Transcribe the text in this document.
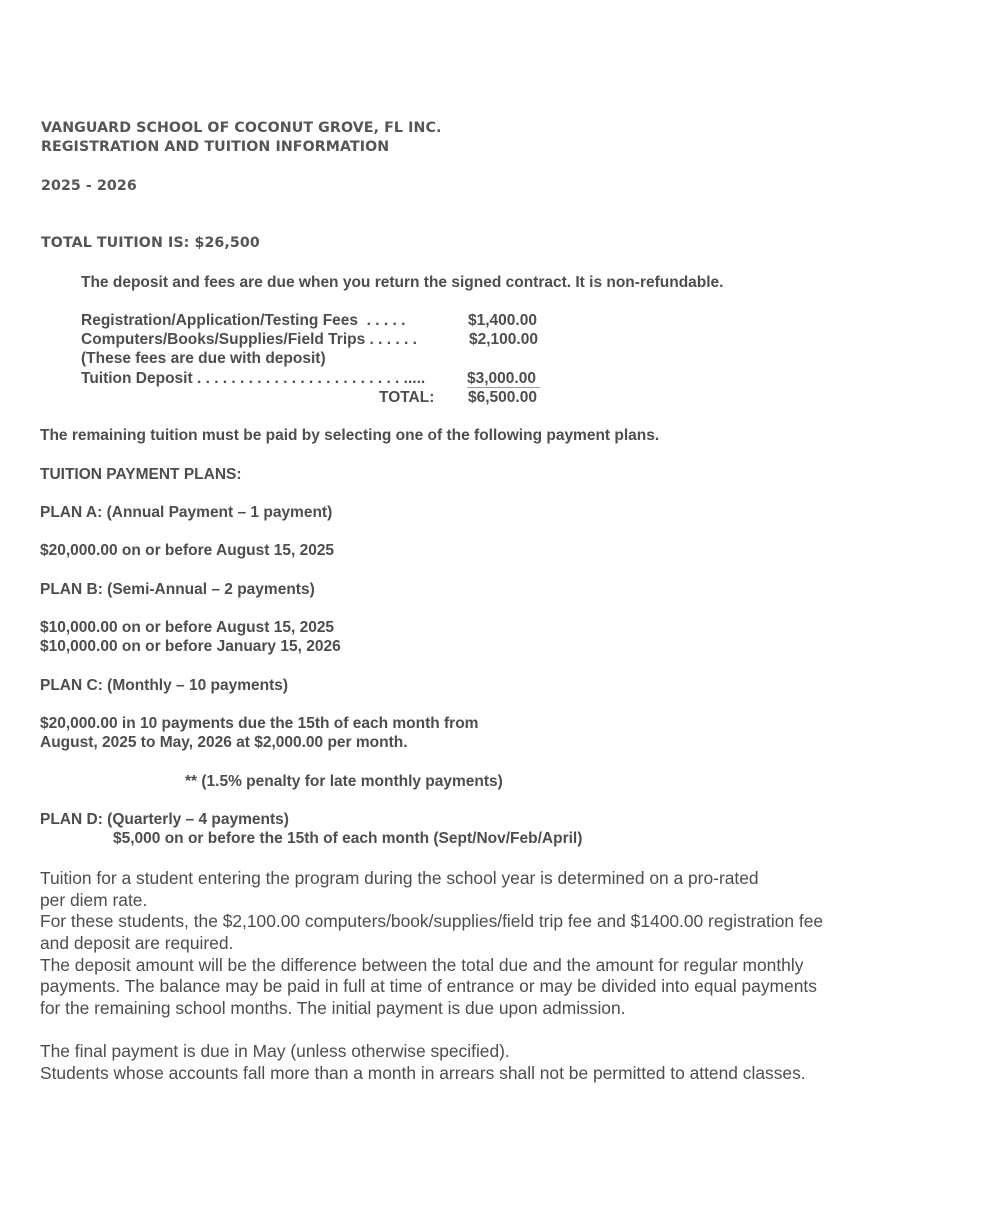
VANGUARD SCHOOL OF COCONUT GROVE, FL INC.
REGISTRATION AND TUITION INFORMATION
2025 - 2026
TOTAL TUITION IS: $26,500
The deposit and fees are due when you return the signed contract. It is non-refundable.
Registration/Application/Testing Fees  . . . . .	$1,400.00
Computers/Books/Supplies/Field Trips . . . . . .	$2,100.00
(These fees are due with deposit)
Tuition Deposit . . . . . . . . . . . . . . . . . . . . . . . . .....	$3,000.00
TOTAL: $6,500.00
The remaining tuition must be paid by selecting one of the following payment plans.
TUITION PAYMENT PLANS:
PLAN A: (Annual Payment – 1 payment)
$20,000.00 on or before August 15, 2025
PLAN B: (Semi-Annual – 2 payments)
$10,000.00 on or before August 15, 2025
$10,000.00 on or before January 15, 2026
PLAN C: (Monthly – 10 payments)
$20,000.00 in 10 payments due the 15th of each month from
August, 2025 to May, 2026 at $2,000.00 per month.
** (1.5% penalty for late monthly payments)
PLAN D: (Quarterly – 4 payments)
$5,000 on or before the 15th of each month (Sept/Nov/Feb/April)
Tuition for a student entering the program during the school year is determined on a pro-rated
per diem rate.
For these students, the $2,100.00 computers/book/supplies/field trip fee and $1400.00 registration fee
and deposit are required.
The deposit amount will be the difference between the total due and the amount for regular monthly
payments. The balance may be paid in full at time of entrance or may be divided into equal payments
for the remaining school months. The initial payment is due upon admission.
The final payment is due in May (unless otherwise specified).
Students whose accounts fall more than a month in arrears shall not be permitted to attend classes.
